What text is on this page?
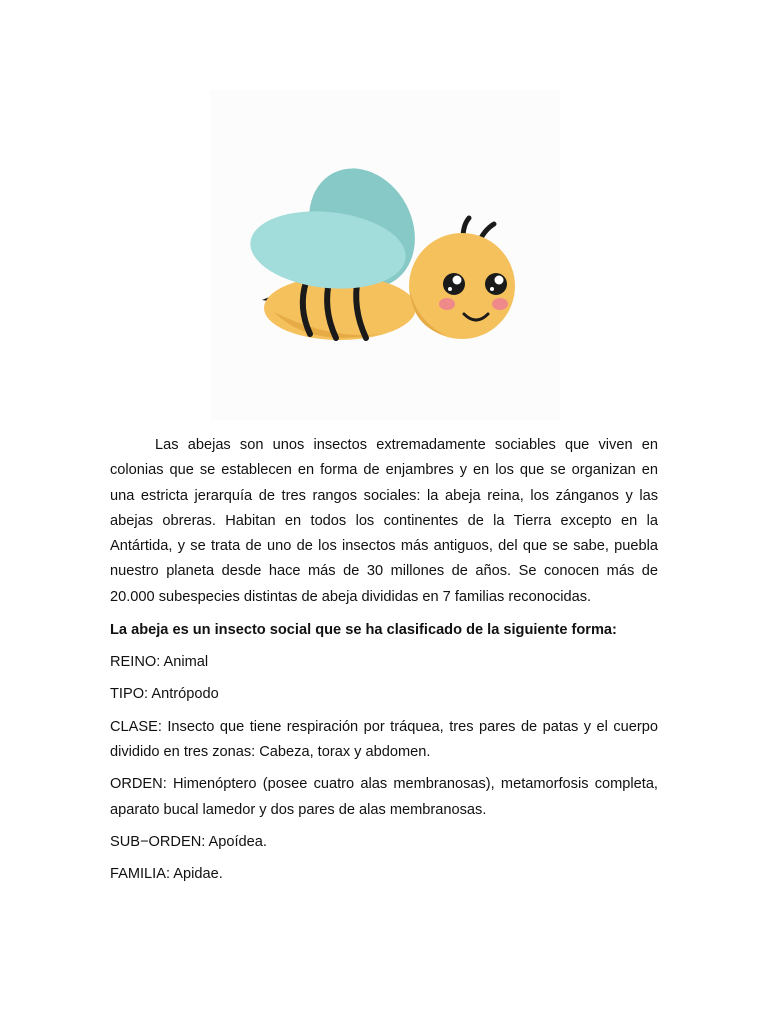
Las abejas son unos insectos extremadamente sociables que viven en colonias que se establecen en forma de enjambres y en los que se organizan en una estricta jerarquía de tres rangos sociales: la abeja reina, los zánganos y las abejas obreras. Habitan en todos los continentes de la Tierra excepto en la Antártida, y se trata de uno de los insectos más antiguos, del que se sabe, puebla nuestro planeta desde hace más de 30 millones de años. Se conocen más de 20.000 subespecies distintas de abeja divididas en 7 familias reconocidas.

La abeja es un insecto social que se ha clasificado de la siguiente forma:

REINO: Animal

TIPO: Antrópodo

CLASE: Insecto que tiene respiración por tráquea, tres pares de patas y el cuerpo dividido en tres zonas: Cabeza, torax y abdomen.

ORDEN: Himenóptero (posee cuatro alas membranosas), metamorfosis completa, aparato bucal lamedor y dos pares de alas membranosas.

SUB−ORDEN: Apoídea.

FAMILIA: Apidae.
